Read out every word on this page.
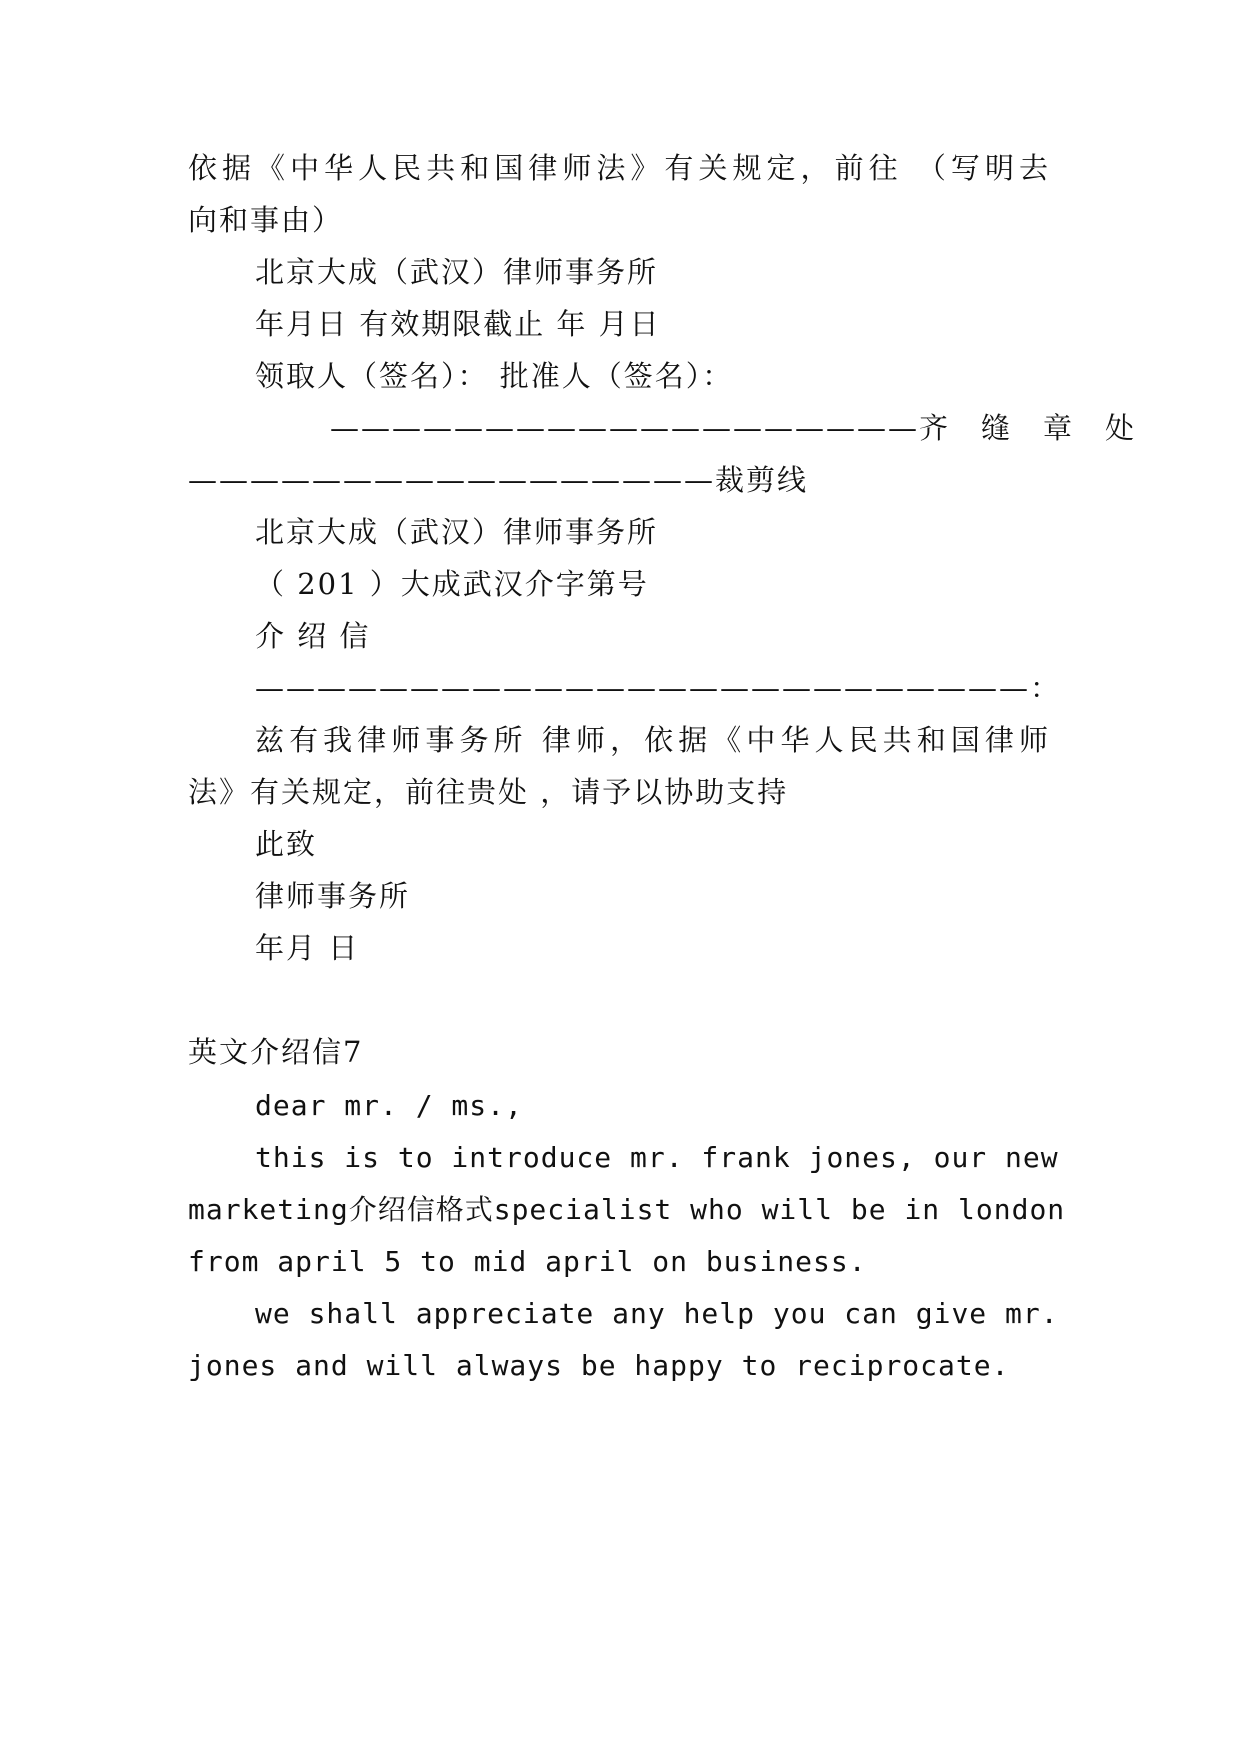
依据《中华人民共和国律师法》有关规定，前往 （写明去
向和事由）
北京大成（武汉）律师事务所
年月日 有效期限截止 年 月日
领取人（签名）： 批准人（签名）：
———————————————————齐　缝　章　处
—————————————————裁剪线
北京大成（武汉）律师事务所
（ 201 ）大成武汉介字第号
介 绍 信
—————————————————————————：
兹有我律师事务所 律师，依据《中华人民共和国律师
法》有关规定，前往贵处 ，请予以协助支持
此致
律师事务所
年月 日
英文介绍信7
dear mr. / ms.,
this is to introduce mr. frank jones, our new
marketing介绍信格式specialist who will be in london
from april 5 to mid april on business.
we shall appreciate any help you can give mr.
jones and will always be happy to reciprocate.
